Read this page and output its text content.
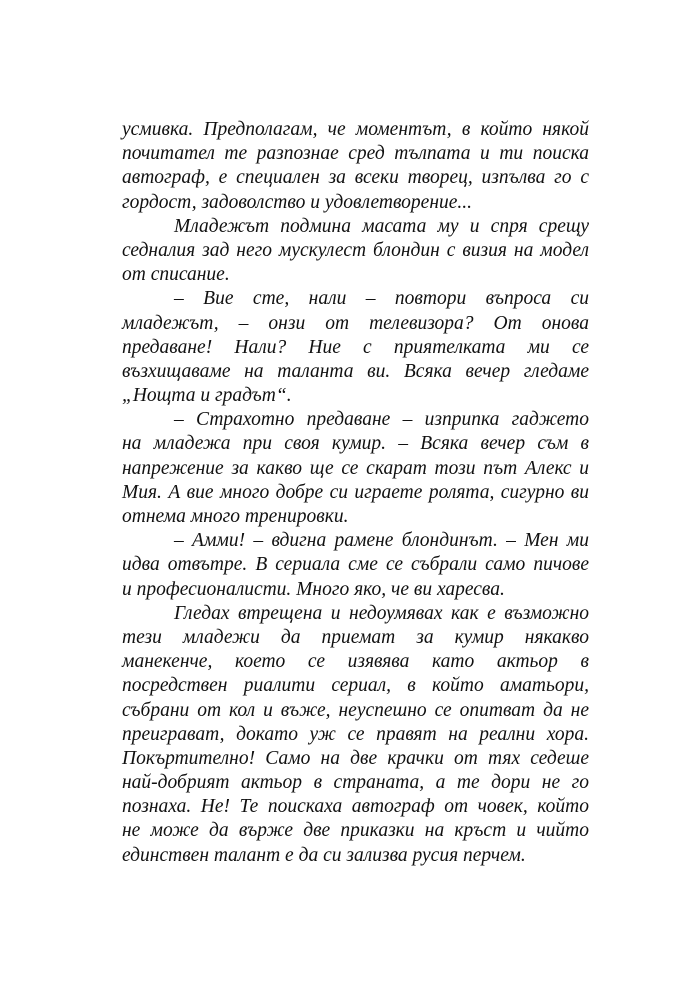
усмивка. Предполагам, че моментът, в който някой
почитател те разпознае сред тълпата и ти поиска
автограф, е специален за всеки творец, изпълва го с
гордост, задоволство и удовлетворение...
Младежът подмина масата му и спря срещу
седналия зад него мускулест блондин с визия на модел
от списание.
– Вие сте, нали – повтори въпроса си
младежът, – онзи от телевизора? От онова
предаване! Нали? Ние с приятелката ми се
възхищаваме на таланта ви. Всяка вечер гледаме
„Нощта и градът“.
– Страхотно предаване – изприпка гаджето
на младежа при своя кумир. – Всяка вечер съм в
напрежение за какво ще се скарат този път Алекс и
Мия. А вие много добре си играете ролята, сигурно ви
отнема много тренировки.
– Амми! – вдигна рамене блондинът. – Мен ми
идва отвътре. В сериала сме се събрали само пичове
и професионалисти. Много яко, че ви харесва.
Гледах втрещена и недоумявах как е възможно
тези младежи да приемат за кумир някакво
манекенче, което се изявява като актьор в
посредствен риалити сериал, в който аматьори,
събрани от кол и въже, неуспешно се опитват да не
преиграват, докато уж се правят на реални хора.
Покъртително! Само на две крачки от тях седеше
най-добрият актьор в страната, а те дори не го
познаха. Не! Те поискаха автограф от човек, който
не може да върже две приказки на кръст и чийто
единствен талант е да си зализва русия перчем.
